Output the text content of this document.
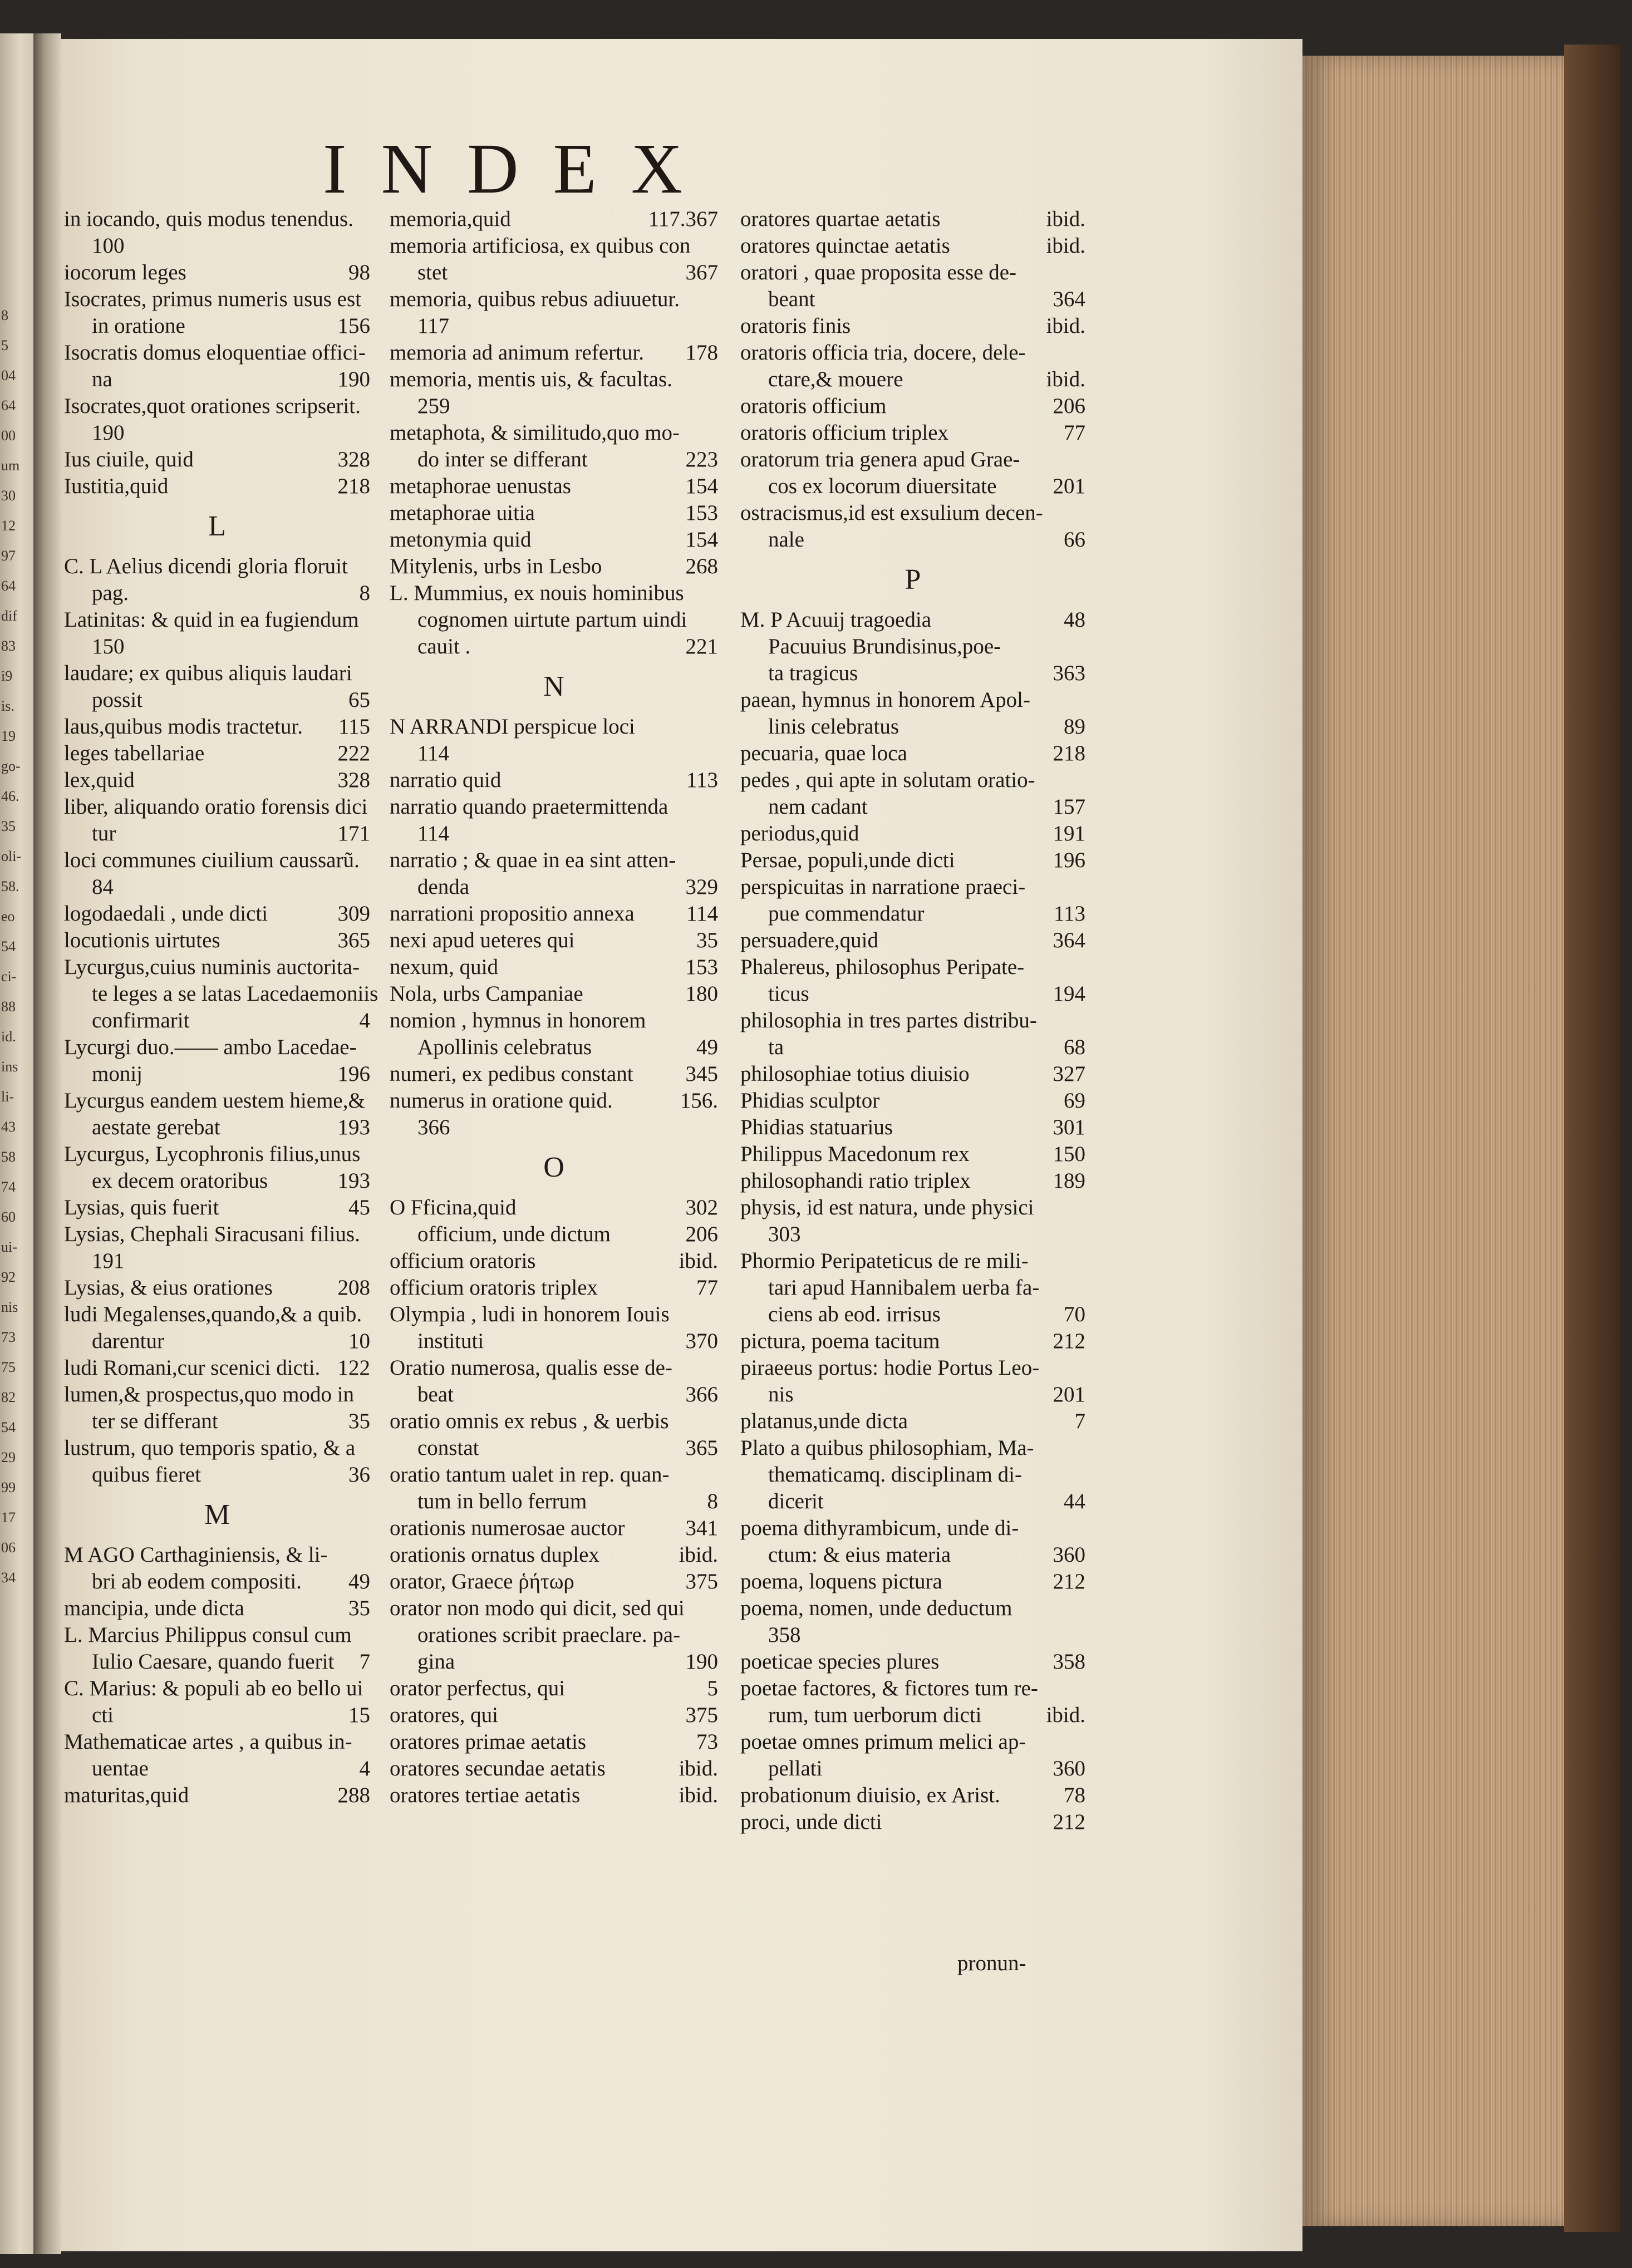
8
5
04
64
00
um
30
12
97
64
dif
83
i9
is.
19
go-
46.
35
oli-
58.
eo
54
ci-
88
id.
ins
li-
43
58
74
60
ui-
92
nis
73
75
82
54
29
99
17
06
34
INDEX
in iocando, quis modus tenendus.
100
iocorum leges	98
Isocrates, primus numeris usus est
in oratione	156
Isocratis domus eloquentiae offici-
na	190
Isocrates,quot orationes scripserit.
190
Ius ciuile, quid	328
Iustitia,quid	218
L
C. L Aelius dicendi gloria floruit
pag.	8
Latinitas: & quid in ea fugiendum
150
laudare; ex quibus aliquis laudari
possit	65
laus,quibus modis tractetur. 115
leges tabellariae	222
lex,quid	328
liber, aliquando oratio forensis dici
tur	171
loci communes ciuilium caussarũ.
84
logodaedali , unde dicti	309
locutionis uirtutes	365
Lycurgus,cuius numinis auctorita-
te leges a se latas Lacedaemoniis
confirmarit	4
Lycurgi duo.—— ambo Lacedae-
monij	196
Lycurgus eandem uestem hieme,&
aestate gerebat	193
Lycurgus, Lycophronis filius,unus
ex decem oratoribus	193
Lysias, quis fuerit	45
Lysias, Chephali Siracusani filius.
191
Lysias, & eius orationes	208
ludi Megalenses,quando,& a quib.
darentur	10
ludi Romani,cur scenici dicti. 122
lumen,& prospectus,quo modo in
ter se differant	35
lustrum, quo temporis spatio, & a
quibus fieret	36
M
M AGO Carthaginiensis, & li-
bri ab eodem compositi. 49
mancipia, unde dicta	35
L. Marcius Philippus consul cum
Iulio Caesare, quando fuerit 7
C. Marius: & populi ab eo bello ui
cti	15
Mathematicae artes , a quibus in-
uentae	4
maturitas,quid	288
memoria,quid	117.367
memoria artificiosa, ex quibus con
stet	367
memoria, quibus rebus adiuuetur.
117
memoria ad animum refertur. 178
memoria, mentis uis, & facultas.
259
metaphota, & similitudo,quo mo-
do inter se differant	223
metaphorae uenustas	154
metaphorae uitia	153
metonymia quid	154
Mitylenis, urbs in Lesbo	268
L. Mummius, ex nouis hominibus
cognomen uirtute partum uindi
cauit .	221
N
N ARRANDI perspicue loci
114
narratio quid	113
narratio quando praetermittenda
114
narratio ; & quae in ea sint atten-
denda	329
narrationi propositio annexa 114
nexi apud ueteres qui	35
nexum, quid	153
Nola, urbs Campaniae	180
nomion , hymnus in honorem
Apollinis celebratus	49
numeri, ex pedibus constant 345
numerus in oratione quid.	156.
366
O
O Fficina,quid	302
officium, unde dictum	206
officium oratoris	ibid.
officium oratoris triplex	77
Olympia , ludi in honorem Iouis
instituti	370
Oratio numerosa, qualis esse de-
beat	366
oratio omnis ex rebus , & uerbis
constat	365
oratio tantum ualet in rep. quan-
tum in bello ferrum	8
orationis numerosae auctor	341
orationis ornatus duplex	ibid.
orator, Graece ῥήτωρ	375
orator non modo qui dicit, sed qui
orationes scribit praeclare. pa-
gina	190
orator perfectus, qui	5
oratores, qui	375
oratores primae aetatis	73
oratores secundae aetatis	ibid.
oratores tertiae aetatis	ibid.
oratores quartae aetatis	ibid.
oratores quinctae aetatis	ibid.
oratori , quae proposita esse de-
beant	364
oratoris finis	ibid.
oratoris officia tria, docere, dele-
ctare,& mouere	ibid.
oratoris officium	206
oratoris officium triplex	77
oratorum tria genera apud Grae-
cos ex locorum diuersitate	201
ostracismus,id est exsulium decen-
nale	66
P
M. P Acuuij tragoedia	48
Pacuuius Brundisinus,poe-
ta tragicus	363
paean, hymnus in honorem Apol-
linis celebratus	89
pecuaria, quae loca	218
pedes , qui apte in solutam oratio-
nem cadant	157
periodus,quid	191
Persae, populi,unde dicti	196
perspicuitas in narratione praeci-
pue commendatur	113
persuadere,quid	364
Phalereus, philosophus Peripate-
ticus	194
philosophia in tres partes distribu-
ta	68
philosophiae totius diuisio	327
Phidias sculptor	69
Phidias statuarius	301
Philippus Macedonum rex	150
philosophandi ratio triplex	189
physis, id est natura, unde physici
303
Phormio Peripateticus de re mili-
tari apud Hannibalem uerba fa-
ciens ab eod. irrisus	70
pictura, poema tacitum	212
piraeeus portus: hodie Portus Leo-
nis	201
platanus,unde dicta	7
Plato a quibus philosophiam, Ma-
thematicamq. disciplinam di-
dicerit	44
poema dithyrambicum, unde di-
ctum: & eius materia	360
poema, loquens pictura	212
poema, nomen, unde deductum
358
poeticae species plures	358
poetae factores, & fictores tum re-
rum, tum uerborum dicti	ibid.
poetae omnes primum melici ap-
pellati	360
probationum diuisio, ex Arist.	78
proci, unde dicti	212
pronun-
